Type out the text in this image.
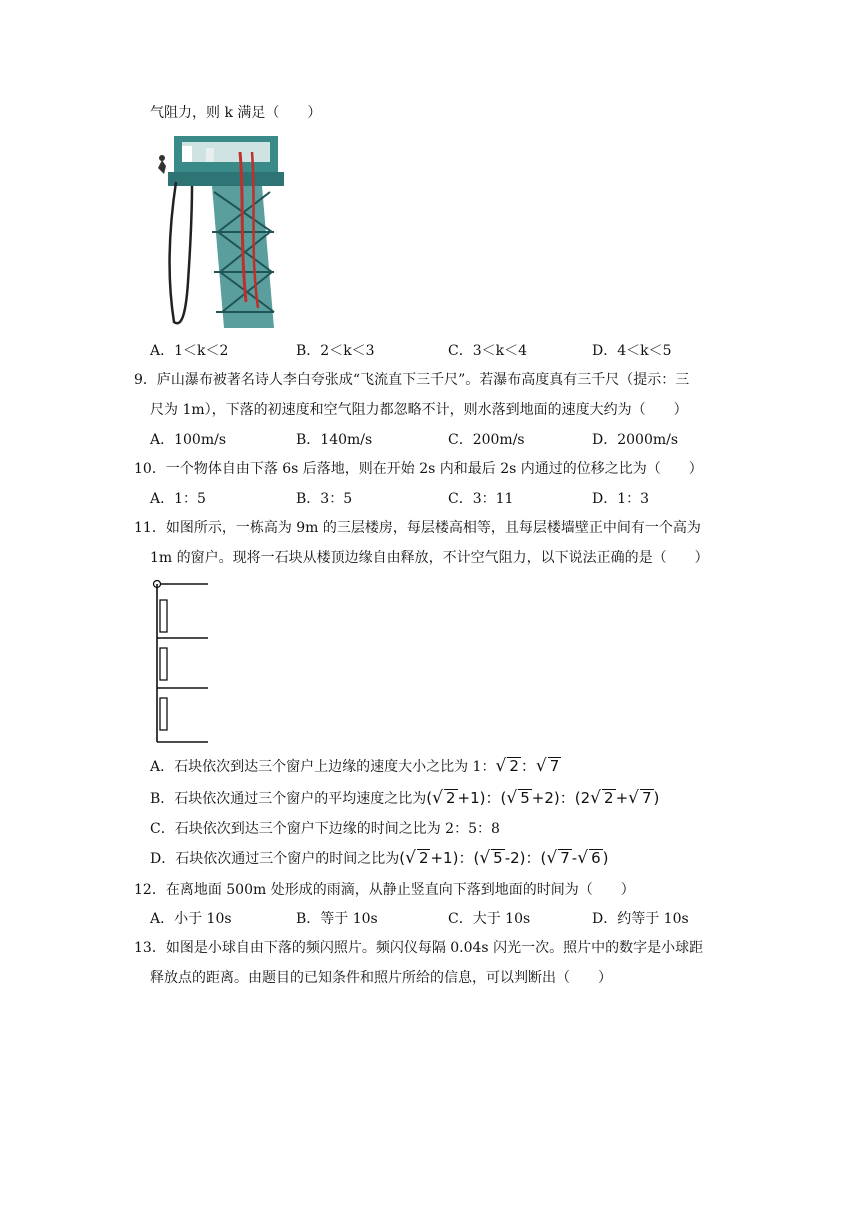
气阻力，则 k 满足（　　）
A．1＜k＜2	B．2＜k＜3	C．3＜k＜4	D．4＜k＜5
9．庐山瀑布被著名诗人李白夸张成“飞流直下三千尺”。若瀑布高度真有三千尺（提示：三
尺为 1m），下落的初速度和空气阻力都忽略不计，则水落到地面的速度大约为（　　）
A．100m/s	B．140m/s	C．200m/s	D．2000m/s
10．一个物体自由下落 6s 后落地，则在开始 2s 内和最后 2s 内通过的位移之比为（　　）
A．1：5	B．3：5	C．3：11	D．1：3
11．如图所示，一栋高为 9m 的三层楼房，每层楼高相等，且每层楼墙壁正中间有一个高为
1m 的窗户。现将一石块从楼顶边缘自由释放，不计空气阻力，以下说法正确的是（　　）
A．石块依次到达三个窗户上边缘的速度大小之比为 1：√ 2 ：√ 7
B．石块依次通过三个窗户的平均速度之比为(√ 2 +1)：(√ 5 +2)：(2√ 2 +√ 7 )
C．石块依次到达三个窗户下边缘的时间之比为 2：5：8
D．石块依次通过三个窗户的时间之比为(√ 2 +1)：(√ 5 -2)：(√ 7 -√ 6 )
12．在离地面 500m 处形成的雨滴，从静止竖直向下落到地面的时间为（　　）
A．小于 10s	B．等于 10s	C．大于 10s	D．约等于 10s
13．如图是小球自由下落的频闪照片。频闪仪每隔 0.04s 闪光一次。照片中的数字是小球距
释放点的距离。由题目的已知条件和照片所给的信息，可以判断出（　　）
